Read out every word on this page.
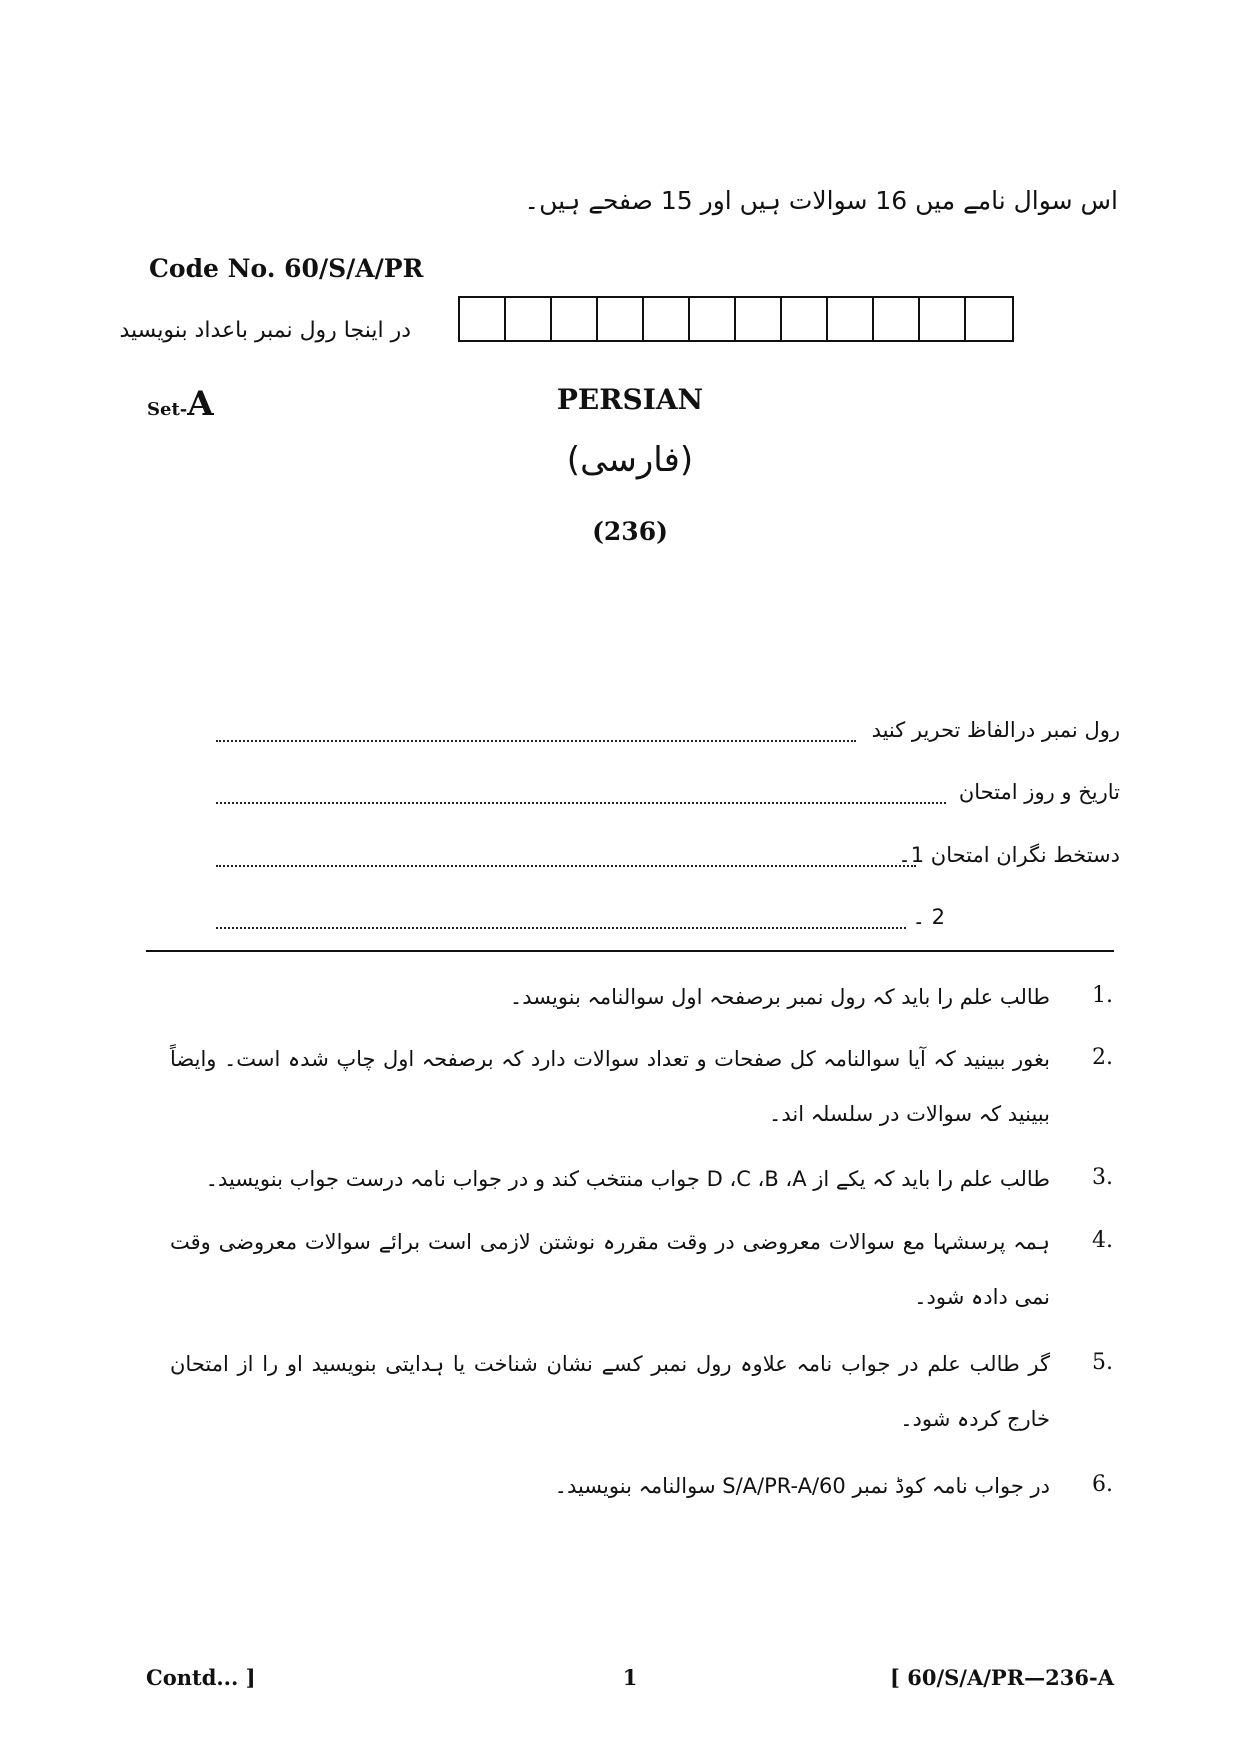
اس سوال نامے میں 16 سوالات ہیں اور 15 صفحے ہیں۔
Code No. 60/S/A/PR
در اینجا رول نمبر باعداد بنویسید
Set-A	PERSIAN
(فارسی)
(236)
رول نمبر درالفاظ تحریر کنید
تاریخ و روز امتحان
دستخط نگران امتحان 1۔
2 ۔
1.
طالب علم را باید کہ رول نمبر برصفحہ اول سوالنامہ بنویسد۔
2.
بغور ببینید کہ آیا سوالنامہ کل صفحات و تعداد سوالات دارد کہ برصفحہ اول چاپ شدہ است۔ وایضاً ببینید کہ سوالات در سلسلہ اند۔
3.
طالب علم را باید کہ یکے از D ،C ،B ،A جواب منتخب کند و در جواب نامہ درست جواب بنویسید۔
4.
ہمہ پرسشہا مع سوالات معروضی در وقت مقررہ نوشتن لازمی است برائے سوالات معروضی وقت نمی دادہ شود۔
5.
گر طالب علم در جواب نامہ علاوہ رول نمبر کسے نشان شناخت یا ہدایتی بنویسید او را از امتحان خارج کردہ شود۔
6.
در جواب نامہ کوڈ نمبر 60/S/A/PR-A سوالنامہ بنویسید۔
Contd... ]	1	[ 60/S/A/PR—236-A
